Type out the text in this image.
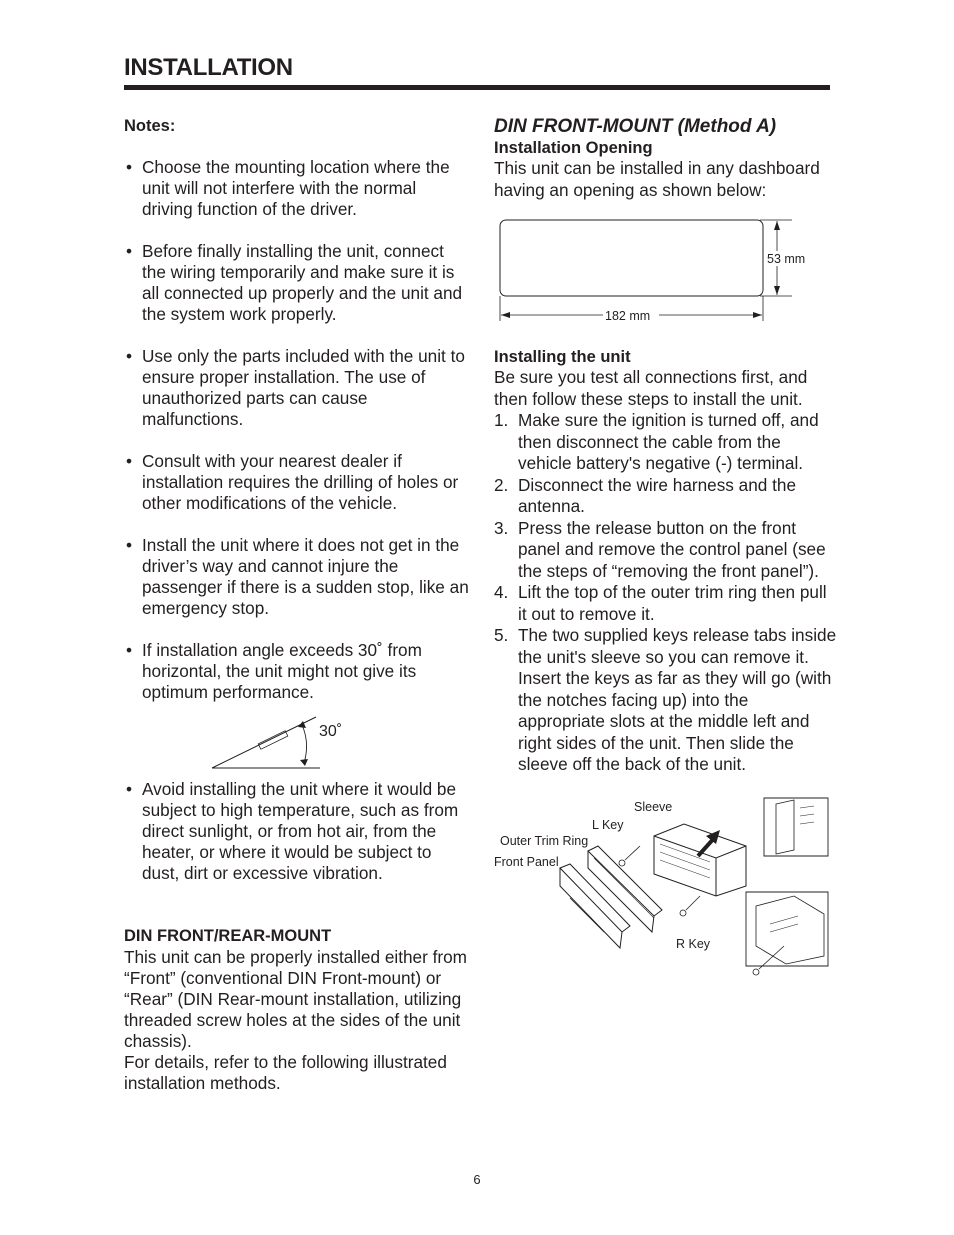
INSTALLATION

Notes:

• Choose the mounting location where the unit will not interfere with the normal driving function of the driver.
• Before finally installing the unit, connect the wiring temporarily and make sure it is all connected up properly and the unit and the system work properly.
• Use only the parts included with the unit to ensure proper installation. The use of unauthorized parts can cause malfunctions.
• Consult with your nearest dealer if installation requires the drilling of holes or other modifications of the vehicle.
• Install the unit where it does not get in the driver’s way and cannot injure the passenger if there is a sudden stop, like an emergency stop.
• If installation angle exceeds 30˚ from horizontal, the unit might not give its optimum performance.
30˚
• Avoid installing the unit where it would be subject to high temperature, such as from direct sunlight, or from hot air, from the heater, or where it would be subject to dust, dirt or excessive vibration.

DIN FRONT/REAR-MOUNT

This unit can be properly installed either from “Front” (conventional DIN Front-mount) or “Rear” (DIN Rear-mount installation, utilizing threaded screw holes at the sides of the unit chassis).

For details, refer to the following illustrated installation methods.

DIN FRONT-MOUNT (Method A)

Installation Opening

This unit can be installed in any dashboard having an opening as shown below:

53 mm
182 mm

Installing the unit

Be sure you test all connections first, and then follow these steps to install the unit.

1. Make sure the ignition is turned off, and then disconnect the cable from the vehicle battery's negative (-) terminal.
2. Disconnect the wire harness and the antenna.
3. Press the release button on the front panel and remove the control panel (see the steps of “removing the front panel”).
4. Lift the top of the outer trim ring then pull it out to remove it.
5. The two supplied keys release tabs inside the unit's sleeve so you can remove it. Insert the keys as far as they will go (with the notches facing up) into the appropriate slots at the middle left and right sides of the unit. Then slide the sleeve off the back of the unit.
Sleeve
L Key
Outer Trim Ring
Front Panel
R Key
6
